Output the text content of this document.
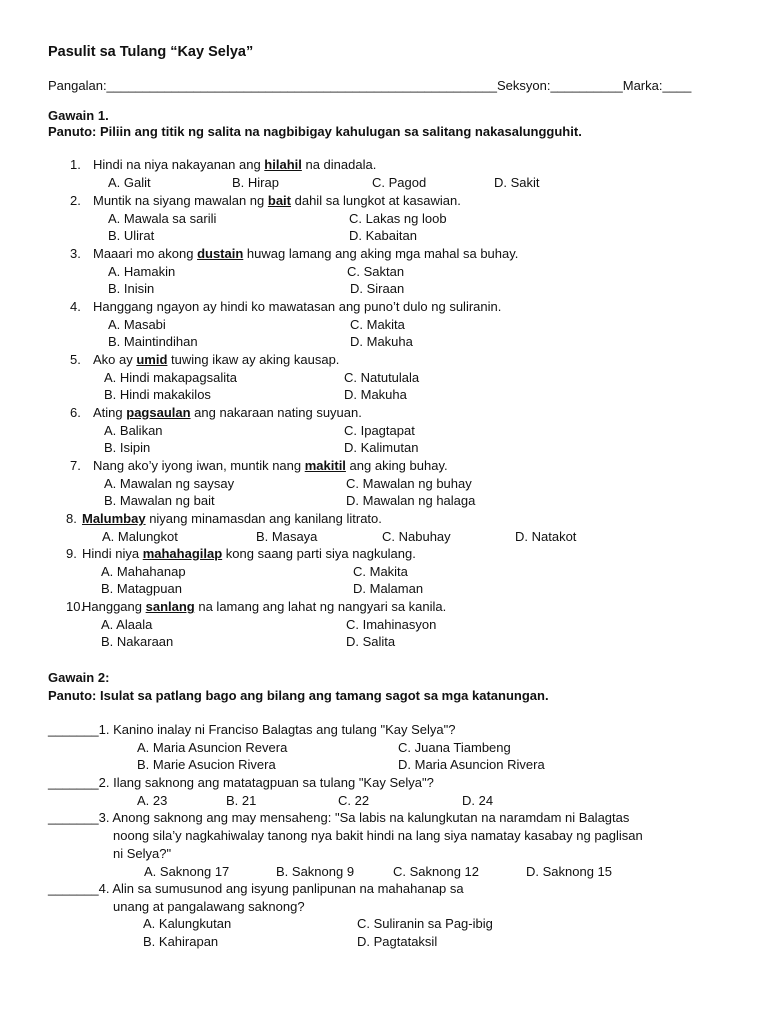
Pasulit sa Tulang “Kay Selya”
Pangalan:______________________________________________________Seksyon:__________Marka:____
Gawain 1.
Panuto: Piliin ang titik ng salita na nagbibigay kahulugan sa salitang nakasalungguhit.
1. Hindi na niya nakayanan ang hilahil na dinadala.
A. Galit	B. Hirap	C. Pagod	D. Sakit
2. Muntik na siyang mawalan ng bait dahil sa lungkot at kasawian.
A. Mawala sa sarili	C. Lakas ng loob
B. Ulirat	D. Kabaitan
3. Maaari mo akong dustain huwag lamang ang aking mga mahal sa buhay.
A. Hamakin	C. Saktan
B. Inisin	D. Siraan
4. Hanggang ngayon ay hindi ko mawatasan ang puno’t dulo ng suliranin.
A. Masabi	C. Makita
B. Maintindihan	D. Makuha
5. Ako ay umid tuwing ikaw ay aking kausap.
A. Hindi makapagsalita	C. Natutulala
B. Hindi makakilos	D. Makuha
6. Ating pagsaulan ang nakaraan nating suyuan.
A. Balikan	C. Ipagtapat
B. Isipin	D. Kalimutan
7. Nang ako’y iyong iwan, muntik nang makitil ang aking buhay.
A. Mawalan ng saysay	C. Mawalan ng buhay
B. Mawalan ng bait	D. Mawalan ng halaga
8. Malumbay niyang minamasdan ang kanilang litrato.
A. Malungkot	B. Masaya	C. Nabuhay	D. Natakot
9. Hindi niya mahahagilap kong saang parti siya nagkulang.
A. Mahahanap	C. Makita
B. Matagpuan	D. Malaman
10.
Hanggang sanlang na lamang ang lahat ng nangyari sa kanila.
A. Alaala	C. Imahinasyon
B. Nakaraan	D. Salita
Gawain 2:
Panuto: Isulat sa patlang bago ang bilang ang tamang sagot sa mga katanungan.
_______1. Kanino inalay ni Franciso Balagtas ang tulang "Kay Selya"?
A. Maria Asuncion Revera	C. Juana Tiambeng
B. Marie Asucion Rivera	D. Maria Asuncion Rivera
_______2. Ilang saknong ang matatagpuan sa tulang "Kay Selya"?
A. 23	B. 21	C. 22	D. 24
_______3. Anong saknong ang may mensaheng: "Sa labis na kalungkutan na naramdam ni Balagtas
noong sila’y nagkahiwalay tanong nya bakit hindi na lang siya namatay kasabay ng paglisan
ni Selya?"
A. Saknong 17	B. Saknong 9	C. Saknong 12	D. Saknong 15
_______4. Alin sa sumusunod ang isyung panlipunan na mahahanap sa
unang at pangalawang saknong?
A. Kalungkutan	C. Suliranin sa Pag-ibig
B. Kahirapan	D. Pagtataksil
